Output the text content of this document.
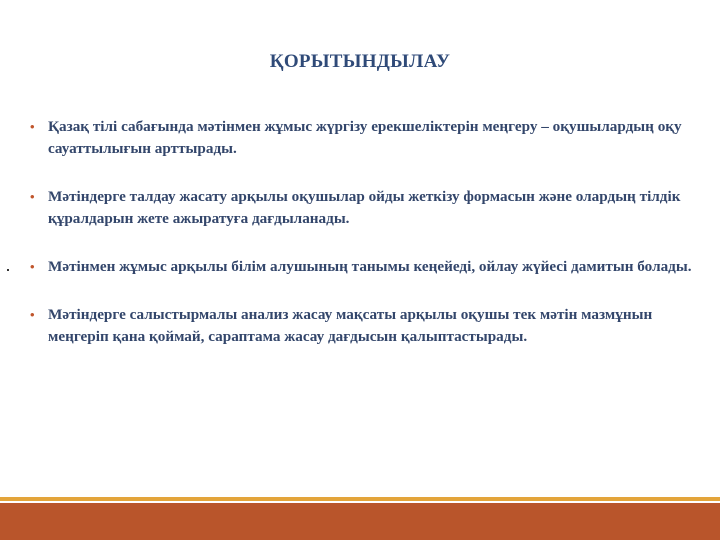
ҚОРЫТЫНДЫЛАУ
• Қазақ тілі сабағында мәтінмен жұмыс жүргізу ерекшеліктерін меңгеру – оқушылардың оқу сауаттылығын арттырады.
• Мәтіндерге талдау жасату арқылы оқушылар ойды жеткізу формасын және олардың тілдік құралдарын жете ажыратуға дағдыланады.
• Мәтінмен жұмыс арқылы білім алушының танымы кеңейеді, ойлау жүйесі дамитын болады.
• Мәтіндерге салыстырмалы анализ жасау мақсаты арқылы оқушы тек мәтін мазмұнын меңгеріп қана қоймай, сараптама жасау дағдысын қалыптастырады.
